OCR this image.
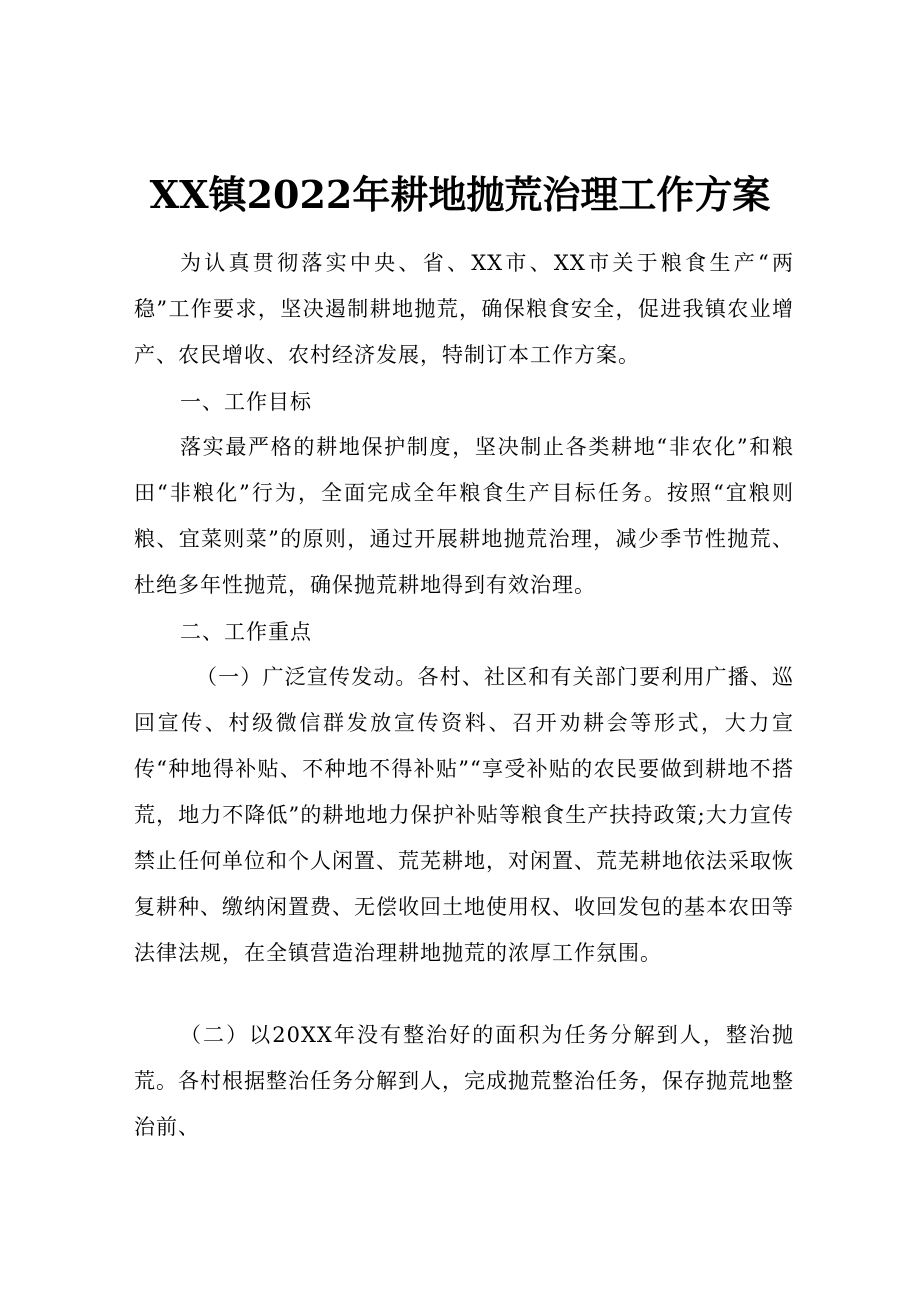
XX镇2022年耕地抛荒治理工作方案
为认真贯彻落实中央、省、XX市、XX市关于粮食生产“两稳”工作要求，坚决遏制耕地抛荒，确保粮食安全，促进我镇农业增产、农民增收、农村经济发展，特制订本工作方案。
一、工作目标
落实最严格的耕地保护制度，坚决制止各类耕地“非农化”和粮田“非粮化”行为，全面完成全年粮食生产目标任务。按照“宜粮则粮、宜菜则菜”的原则，通过开展耕地抛荒治理，减少季节性抛荒、杜绝多年性抛荒，确保抛荒耕地得到有效治理。
二、工作重点
（一）广泛宣传发动。各村、社区和有关部门要利用广播、巡回宣传、村级微信群发放宣传资料、召开劝耕会等形式，大力宣传“种地得补贴、不种地不得补贴”“享受补贴的农民要做到耕地不搭荒，地力不降低”的耕地地力保护补贴等粮食生产扶持政策;大力宣传禁止任何单位和个人闲置、荒芜耕地，对闲置、荒芜耕地依法采取恢复耕种、缴纳闲置费、无偿收回土地使用权、收回发包的基本农田等法律法规，在全镇营造治理耕地抛荒的浓厚工作氛围。
（二）以20XX年没有整治好的面积为任务分解到人，整治抛荒。各村根据整治任务分解到人，完成抛荒整治任务，保存抛荒地整治前、
